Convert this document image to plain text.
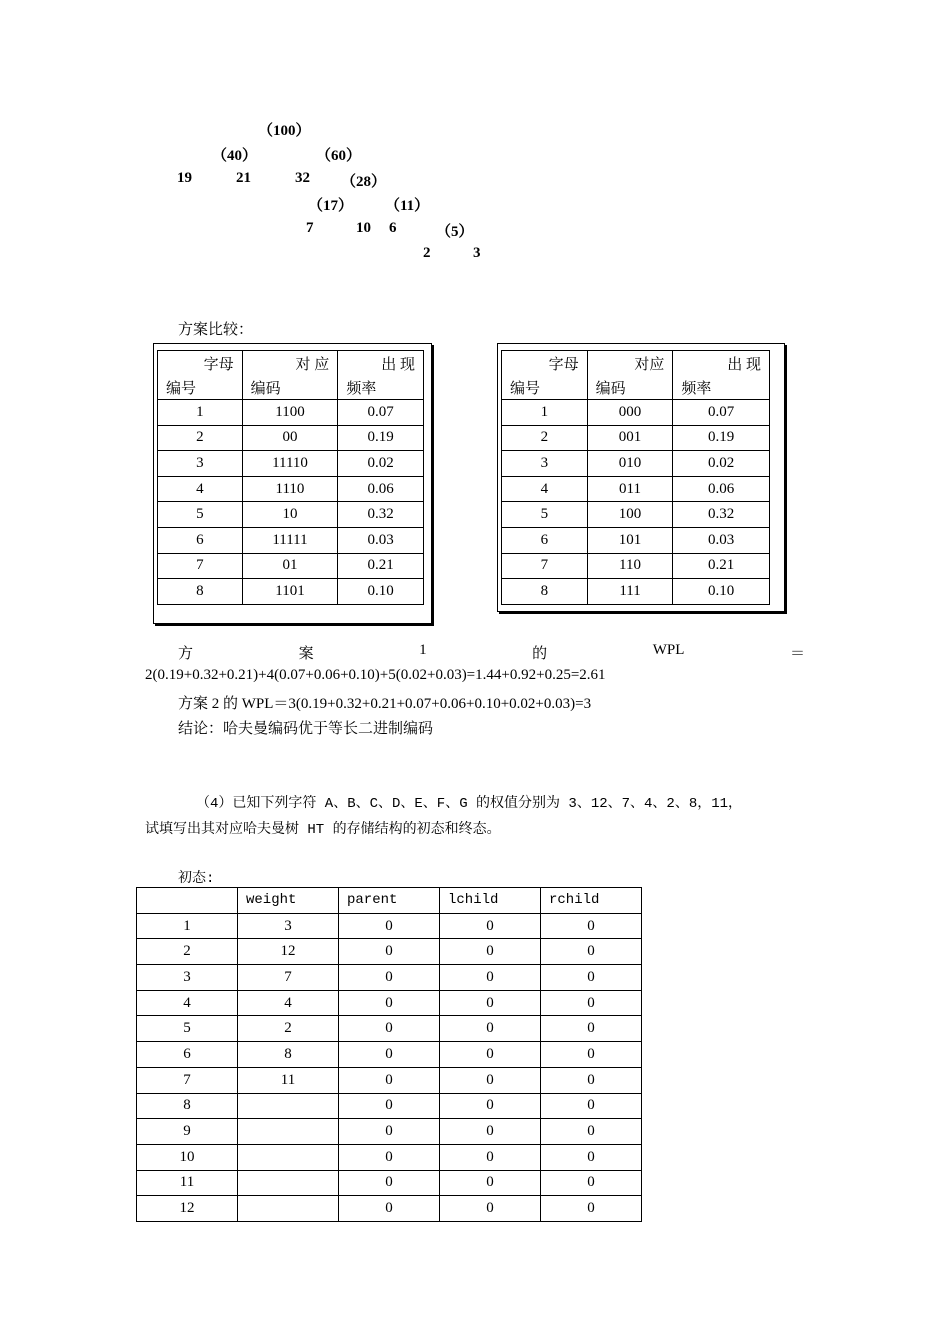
（100）
（40）	（60）
19	21	32 （28）
（17） （11）
7	10 6	（5）
2	3
方案比较：
字母	对 应	出 现
编号	编码	频率
1	1100	0.07
2	00	0.19
3	11110	0.02
4	1110	0.06
5	10	0.32
6	11111	0.03
7	01	0.21
8	1101	0.10
字母	对应	出 现
编号	编码	频率
1	000	0.07
2	001	0.19
3	010	0.02
4	011	0.06
5	100	0.32
6	101	0.03
7	110	0.21
8	111	0.10
方	案	1	的	WPL	＝
2(0.19+0.32+0.21)+4(0.07+0.06+0.10)+5(0.02+0.03)=1.44+0.92+0.25=2.61
方案 2 的 WPL＝3(0.19+0.32+0.21+0.07+0.06+0.10+0.02+0.03)=3
结论：哈夫曼编码优于等长二进制编码
（4）已知下列字符 A、B、C、D、E、F、G 的权值分别为 3、12、7、4、2、8，11，
试填写出其对应哈夫曼树 HT 的存储结构的初态和终态。
初态:
	weight	parent	lchild	rchild
1	3	0	0	0
2	12	0	0	0
3	7	0	0	0
4	4	0	0	0
5	2	0	0	0
6	8	0	0	0
7	11	0	0	0
8		0	0	0
9		0	0	0
10		0	0	0
11		0	0	0
12		0	0	0
